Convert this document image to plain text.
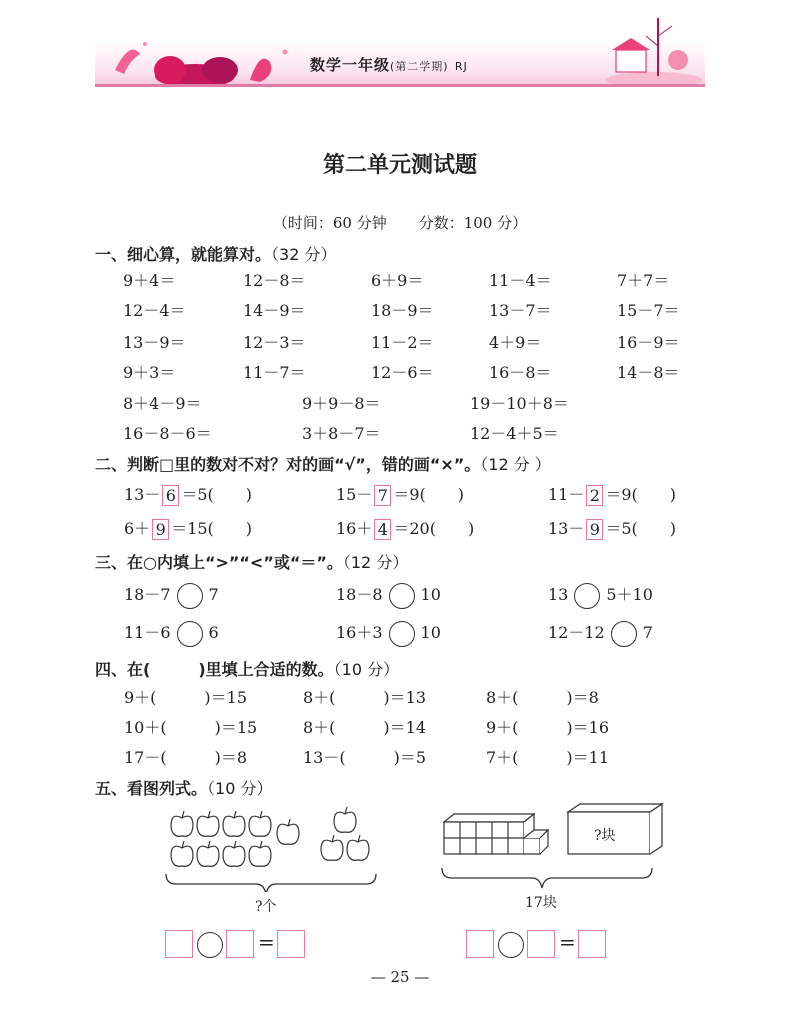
数学一年级(第二学期) RJ
第二单元测试题
（时间：60 分钟 分数：100 分）
一、细心算，就能算对。（32 分）
9＋4＝	12－8＝	6＋9＝	11－4＝	7＋7＝
12－4＝	14－9＝	18－9＝	13－7＝	15－7＝
13－9＝	12－3＝	11－2＝	4＋9＝	16－9＝
9＋3＝	11－7＝	12－6＝	16－8＝	14－8＝
8＋4－9＝	9＋9－8＝	19－10＋8＝
16－8－6＝	3＋8－7＝	12－4＋5＝
二、判断□里的数对不对？对的画“√”，错的画“×”。（12 分 ）
13－ 6 ＝5(　　)	15－ 7 ＝9(　　)	11－ 2 ＝9(　　)
6＋ 9 ＝15(　　)	16＋ 4 ＝20(　　)	13－ 9 ＝5(　　)
三、在○内填上“>”“<”或“＝”。（12 分）
18－7 7	18－8 10	13 5＋10
11－6 6	16＋3 10	12－12 7
四、在(　　　)里填上合适的数。（10 分）
9＋(　　　)＝15	8＋(　　　)＝13	8＋(　　　)＝8
10＋(　　　)＝15	8＋(　　　)＝14	9＋(　　　)＝16
17－(　　　)＝8	13－(　　　)＝5	7＋(　　　)＝11
五、看图列式。（10 分）
?个
?块
17块
=	=
— 25 —
